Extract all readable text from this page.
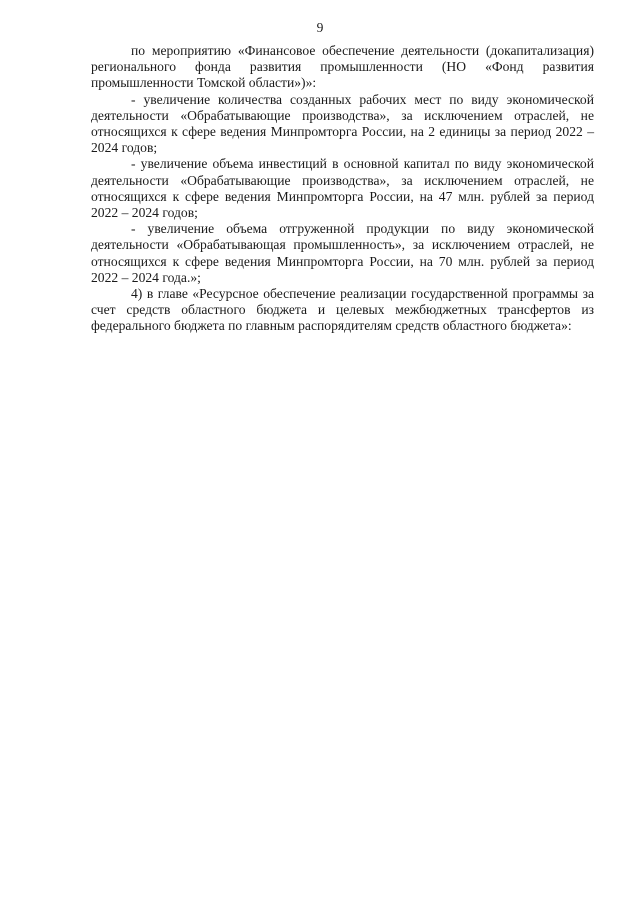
9

по мероприятию «Финансовое обеспечение деятельности (докапитализация) регионального фонда развития промышленности (НО «Фонд развития промышленности Томской области»)»:

- увеличение количества созданных рабочих мест по виду экономической деятельности «Обрабатывающие производства», за исключением отраслей, не относящихся к сфере ведения Минпромторга России, на 2 единицы за период 2022 – 2024 годов;

- увеличение объема инвестиций в основной капитал по виду экономической деятельности «Обрабатывающие производства», за исключением отраслей, не относящихся к сфере ведения Минпромторга России, на 47 млн. рублей за период 2022 – 2024 годов;

- увеличение объема отгруженной продукции по виду экономической деятельности «Обрабатывающая промышленность», за исключением отраслей, не относящихся к сфере ведения Минпромторга России, на 70 млн. рублей за период 2022 – 2024 года.»;

4) в главе «Ресурсное обеспечение реализации государственной программы за счет средств областного бюджета и целевых межбюджетных трансфертов из федерального бюджета по главным распорядителям средств областного бюджета»:
